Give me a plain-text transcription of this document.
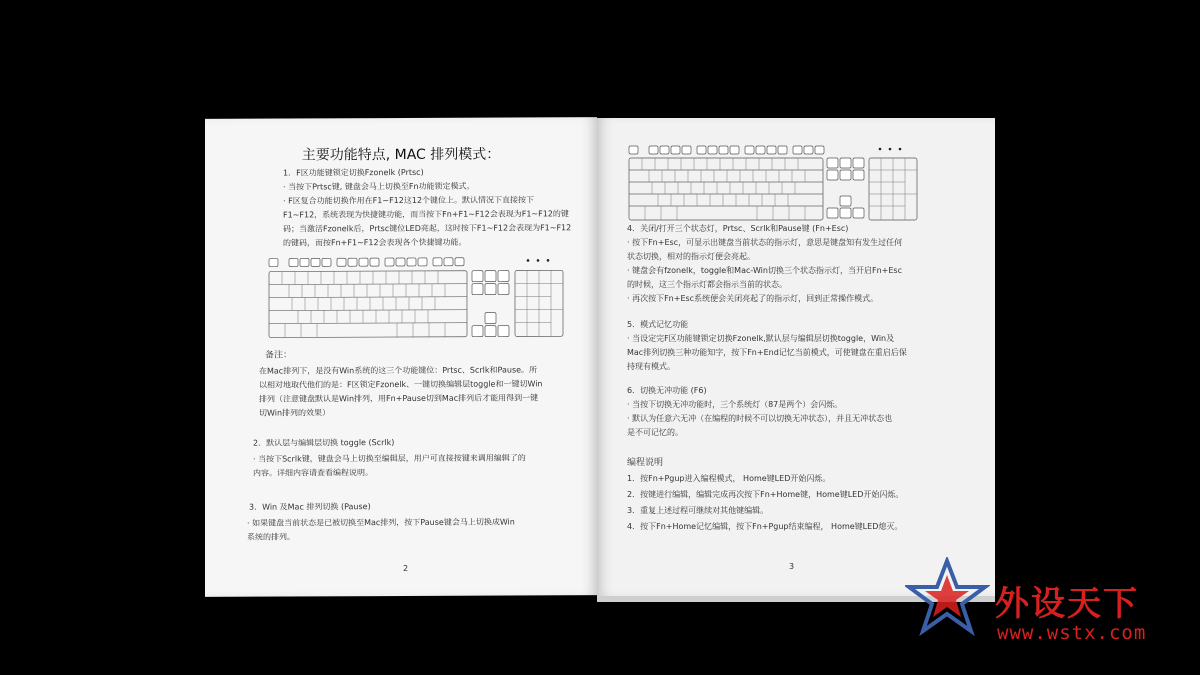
主要功能特点, MAC 排列模式：
1．F区功能键锁定切换Fzonelk (Prtsc)
· 当按下Prtsc键, 键盘会马上切换至Fn功能锁定模式。
· F区复合功能切换作用在F1~F12这12个键位上。默认情况下直接按下
F1~F12，系统表现为快捷键功能，而当按下Fn+F1~F12会表现为F1~F12的键
码；当激活Fzonelk后，Prtsc键位LED亮起，这时按下F1~F12会表现为F1~F12
的键码，而按Fn+F1~F12会表现各个快捷键功能。
备注：
在Mac排列下，是没有Win系统的这三个功能键位：Prtsc、Scrlk和Pause。所
以相对地取代他们的是：F区锁定Fzonelk、一键切换编辑层toggle和一键切Win
排列（注意键盘默认是Win排列，用Fn+Pause切到Mac排列后才能用得到一键
切Win排列的效果）
2．默认层与编辑层切换 toggle (Scrlk)
· 当按下Scrlk键，键盘会马上切换至编辑层，用户可直接按键来调用编辑了的
内容。详细内容请查看编程说明。
3．Win 及Mac 排列切换 (Pause)
· 如果键盘当前状态是已被切换至Mac排列，按下Pause键会马上切换成Win
系统的排列。
2
4．关闭/打开三个状态灯，Prtsc、Scrlk和Pause键 (Fn+Esc)
· 按下Fn+Esc，可显示出键盘当前状态的指示灯，意思是键盘知有发生过任何
状态切换，相对的指示灯便会亮起。
· 键盘会有fzonelk，toggle和Mac-Win切换三个状态指示灯，当开启Fn+Esc
的时候，这三个指示灯都会指示当前的状态。
· 再次按下Fn+Esc系统便会关闭亮起了的指示灯，回到正常操作模式。
5．模式记忆功能
· 当设定完F区功能键锁定切换Fzonelk,默认层与编辑层切换toggle，Win及
Mac排列切换三种功能知字，按下Fn+End记忆当前模式，可使键盘在重启后保
持现有模式。
6．切换无冲功能 (F6)
· 当按下切换无冲功能时，三个系统灯（87是两个）会闪烁。
· 默认为任意六无冲（在编程的时候不可以切换无冲状态），并且无冲状态也
是不可记忆的。
编程说明
1．按Fn+Pgup进入编程模式， Home键LED开始闪烁。
2．按键进行编辑，编辑完成再次按下Fn+Home键，Home键LED开始闪烁。
3．重复上述过程可继续对其他键编辑。
4．按下Fn+Home记忆编辑，按下Fn+Pgup结束编程， Home键LED熄灭。
3
外设天下
www.wstx.com
